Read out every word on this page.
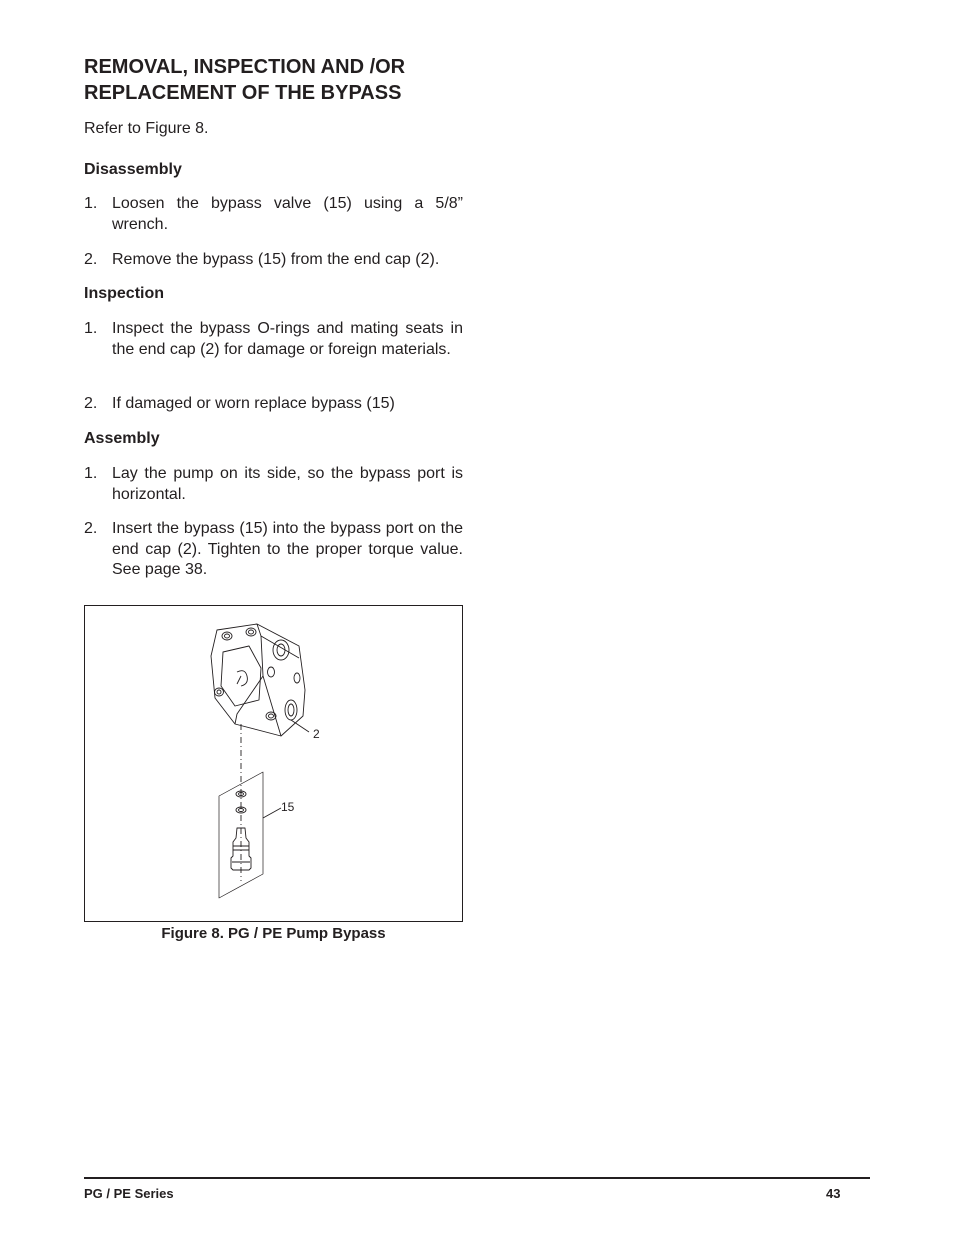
REMOVAL, INSPECTION AND /OR
REPLACEMENT OF THE BYPASS

Refer to Figure 8.

Disassembly
1. Loosen the bypass valve (15) using a 5/8” wrench.
2. Remove the bypass (15) from the end cap (2).
Inspection
1. Inspect the bypass O-rings and mating seats in the end cap (2) for damage or foreign materials.
2. If damaged or worn replace bypass (15)
Assembly
1. Lay the pump on its side, so the bypass port is horizontal.
2. Insert the bypass (15) into the bypass port on the end cap (2). Tighten to the proper torque value. See page 38.
2
15
Figure 8. PG / PE Pump Bypass
PG / PE Series	43
